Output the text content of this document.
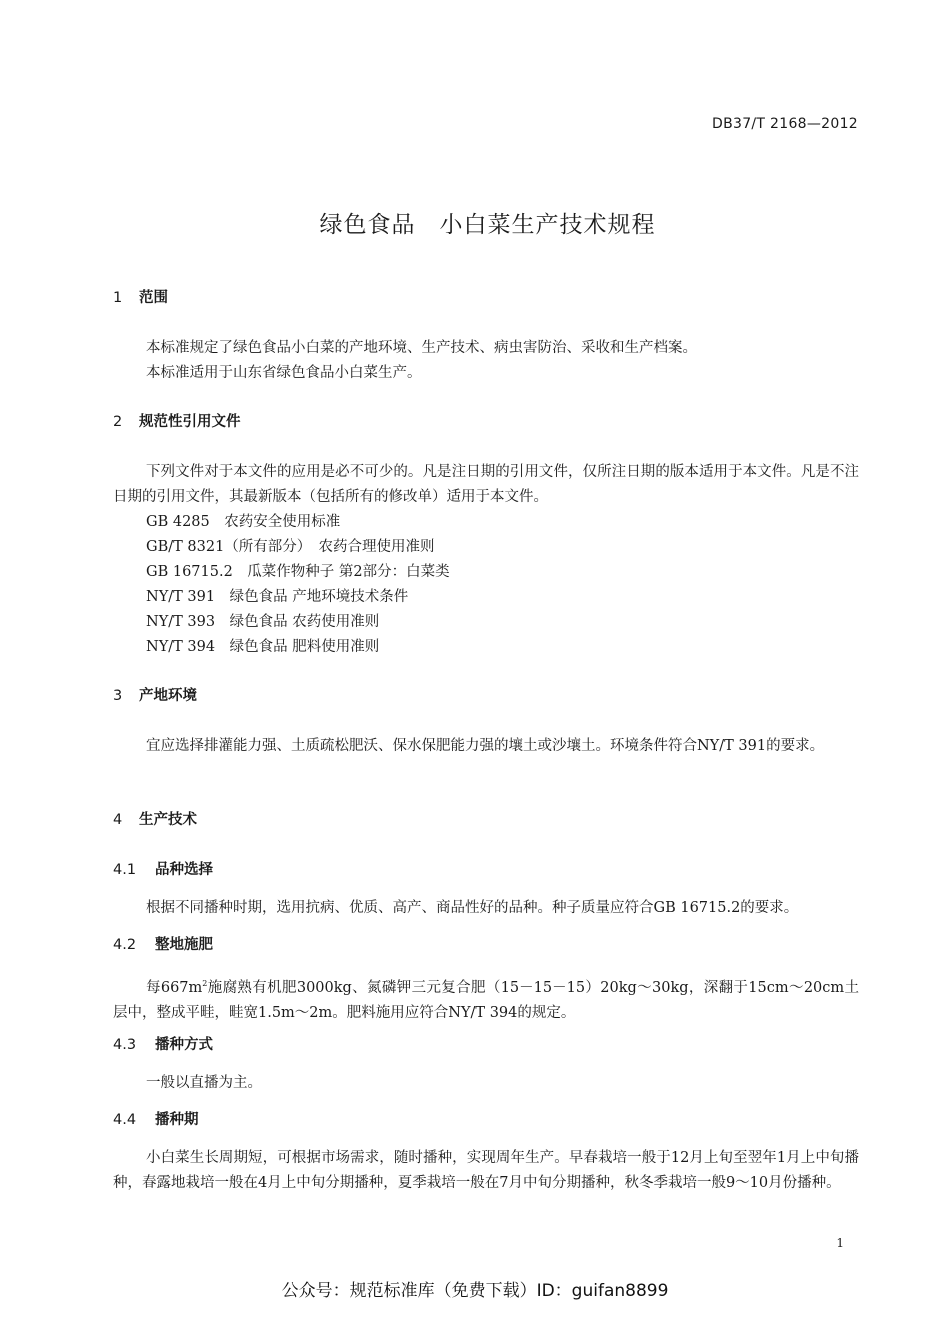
DB37/T 2168—2012
绿色食品　小白菜生产技术规程
1 范围

本标准规定了绿色食品小白菜的产地环境、生产技术、病虫害防治、采收和生产档案。

本标准适用于山东省绿色食品小白菜生产。

2 规范性引用文件

下列文件对于本文件的应用是必不可少的。凡是注日期的引用文件，仅所注日期的版本适用于本文件。凡是不注日期的引用文件，其最新版本（包括所有的修改单）适用于本文件。

GB 4285　农药安全使用标准
GB/T 8321（所有部分）　农药合理使用准则
GB 16715.2　瓜菜作物种子 第2部分：白菜类
NY/T 391　绿色食品 产地环境技术条件
NY/T 393　绿色食品 农药使用准则
NY/T 394　绿色食品 肥料使用准则
3 产地环境

宜应选择排灌能力强、土质疏松肥沃、保水保肥能力强的壤土或沙壤土。环境条件符合NY/T 391的要求。

4 生产技术
4.1 品种选择

根据不同播种时期，选用抗病、优质、高产、商品性好的品种。种子质量应符合GB 16715.2的要求。

4.2 整地施肥

每$667m^2$施腐熟有机肥3000kg、氮磷钾三元复合肥（15－15－15）20kg～30kg，深翻于15cm～20cm土层中，整成平畦，畦宽1.5m～2m。肥料施用应符合NY/T 394的规定。

4.3 播种方式

一般以直播为主。

4.4 播种期

小白菜生长周期短，可根据市场需求，随时播种，实现周年生产。早春栽培一般于12月上旬至翌年1月上中旬播种，春露地栽培一般在4月上中旬分期播种，夏季栽培一般在7月中旬分期播种，秋冬季栽培一般9～10月份播种。

1
公众号：规范标准库（免费下载）ID：guifan8899
